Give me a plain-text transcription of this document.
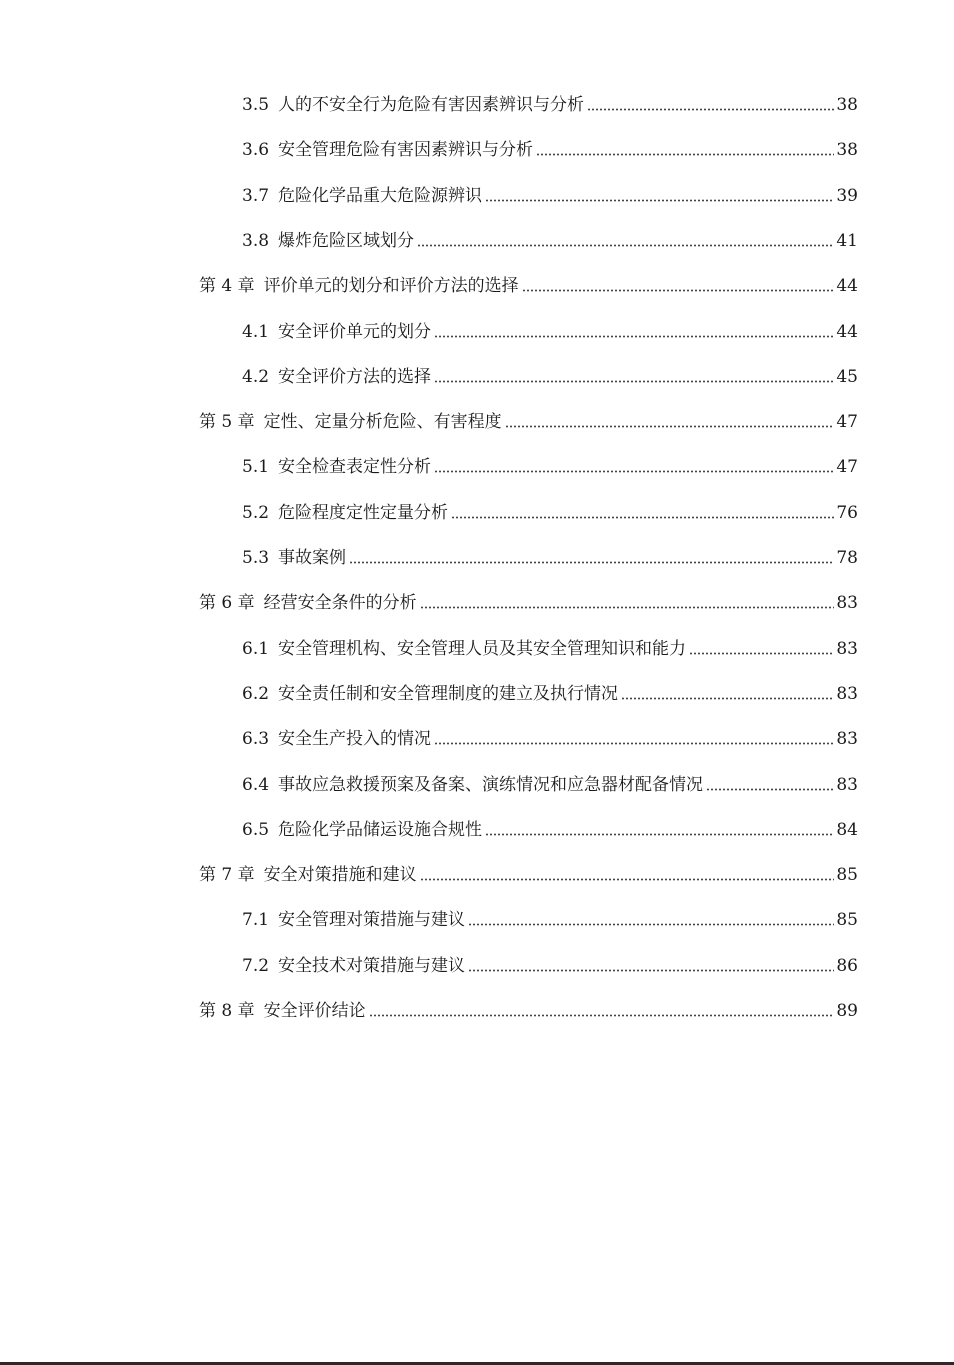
3.5 人的不安全行为危险有害因素辨识与分析	38
3.6 安全管理危险有害因素辨识与分析	38
3.7 危险化学品重大危险源辨识	39
3.8 爆炸危险区域划分	41
第 4 章 评价单元的划分和评价方法的选择	44
4.1 安全评价单元的划分	44
4.2 安全评价方法的选择	45
第 5 章 定性、定量分析危险、有害程度	47
5.1 安全检查表定性分析	47
5.2 危险程度定性定量分析	76
5.3 事故案例	78
第 6 章 经营安全条件的分析	83
6.1 安全管理机构、安全管理人员及其安全管理知识和能力	83
6.2 安全责任制和安全管理制度的建立及执行情况	83
6.3 安全生产投入的情况	83
6.4 事故应急救援预案及备案、演练情况和应急器材配备情况	83
6.5 危险化学品储运设施合规性	84
第 7 章 安全对策措施和建议	85
7.1 安全管理对策措施与建议	85
7.2 安全技术对策措施与建议	86
第 8 章 安全评价结论	89
